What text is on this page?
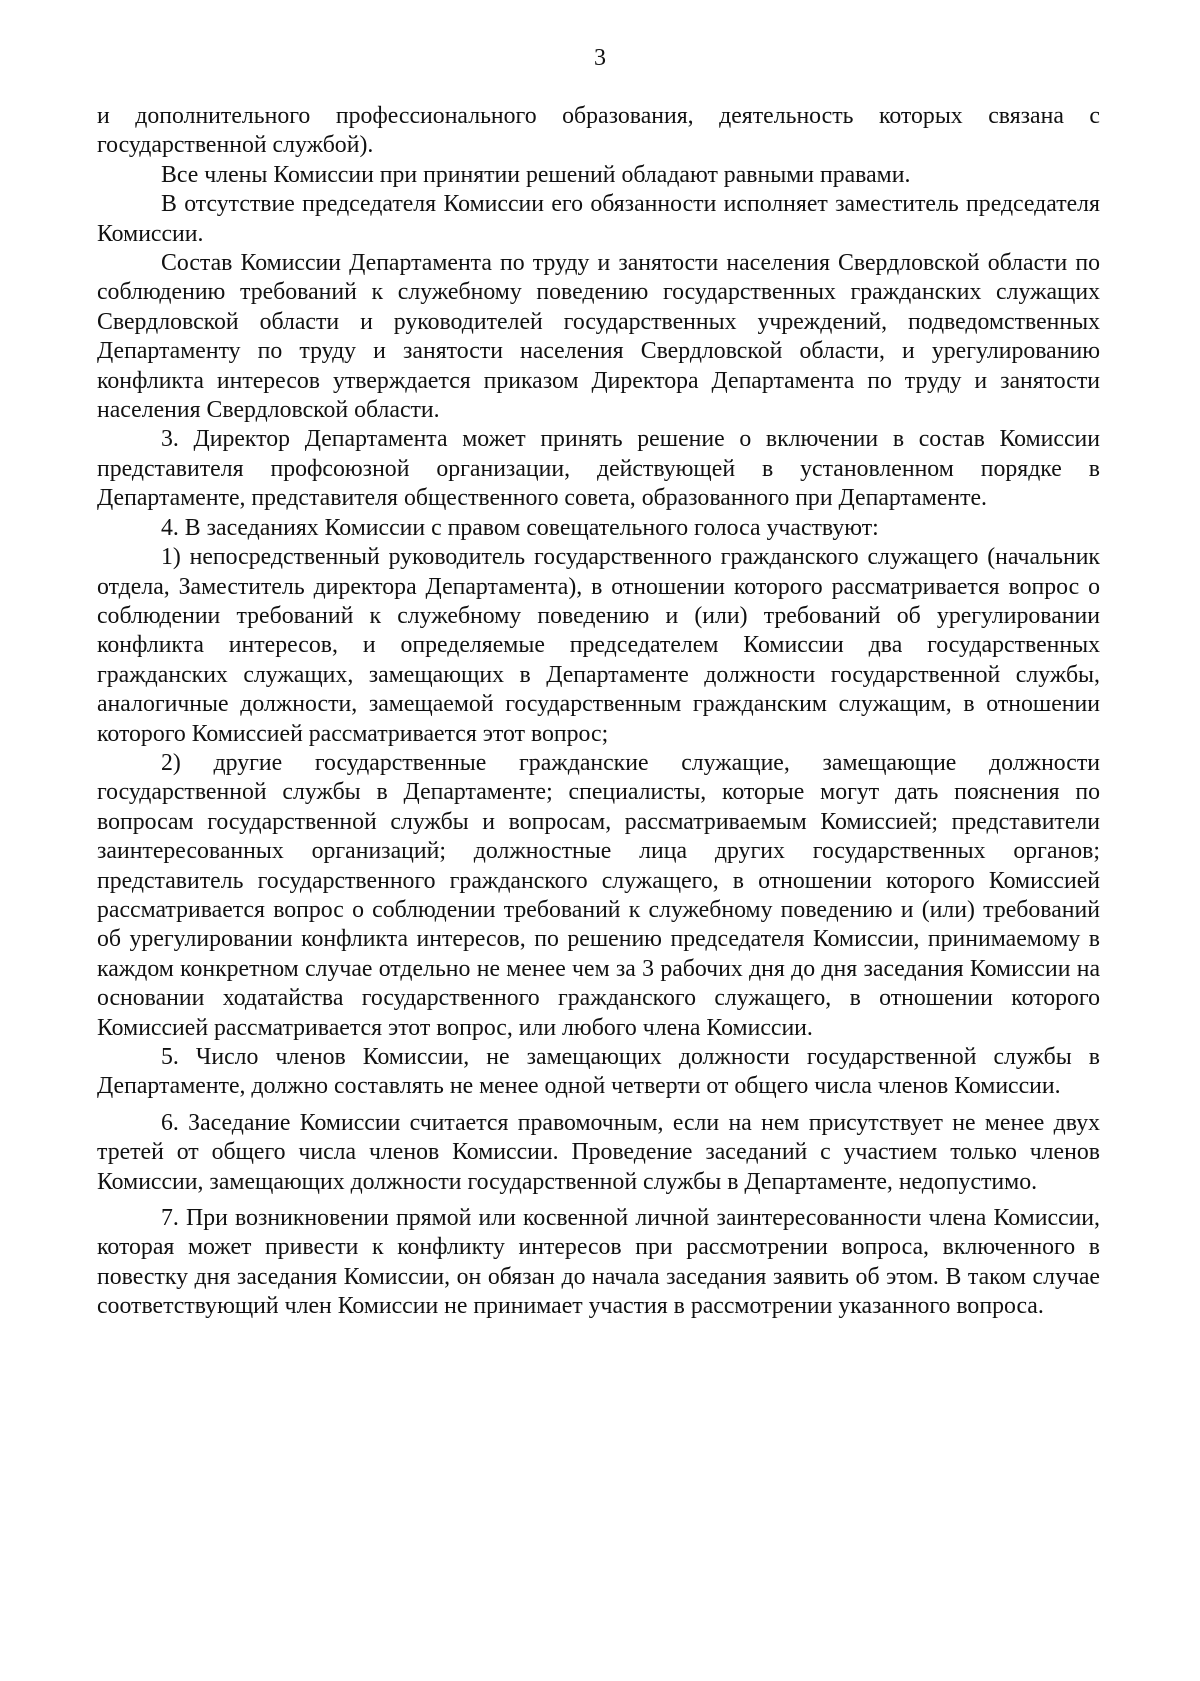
3

и дополнительного профессионального образования, деятельность которых связана с государственной службой).

Все члены Комиссии при принятии решений обладают равными правами.

В отсутствие председателя Комиссии его обязанности исполняет заместитель председателя Комиссии.

Состав Комиссии Департамента по труду и занятости населения Свердловской области по соблюдению требований к служебному поведению государственных гражданских служащих Свердловской области и руководителей государственных учреждений, подведомственных Департаменту по труду и занятости населения Свердловской области, и урегулированию конфликта интересов утверждается приказом Директора Департамента по труду и занятости населения Свердловской области.

3. Директор Департамента может принять решение о включении в состав Комиссии представителя профсоюзной организации, действующей в установленном порядке в Департаменте, представителя общественного совета, образованного при Департаменте.

4. В заседаниях Комиссии с правом совещательного голоса участвуют:

1) непосредственный руководитель государственного гражданского служащего (начальник отдела, Заместитель директора Департамента), в отношении которого рассматривается вопрос о соблюдении требований к служебному поведению и (или) требований об урегулировании конфликта интересов, и определяемые председателем Комиссии два государственных гражданских служащих, замещающих в Департаменте должности государственной службы, аналогичные должности, замещаемой государственным гражданским служащим, в отношении которого Комиссией рассматривается этот вопрос;

2) другие государственные гражданские служащие, замещающие должности государственной службы в Департаменте; специалисты, которые могут дать пояснения по вопросам государственной службы и вопросам, рассматриваемым Комиссией; представители заинтересованных организаций; должностные лица других государственных органов; представитель государственного гражданского служащего, в отношении которого Комиссией рассматривается вопрос о соблюдении требований к служебному поведению и (или) требований об урегулировании конфликта интересов, по решению председателя Комиссии, принимаемому в каждом конкретном случае отдельно не менее чем за 3 рабочих дня до дня заседания Комиссии на основании ходатайства государственного гражданского служащего, в отношении которого Комиссией рассматривается этот вопрос, или любого члена Комиссии.

5. Число членов Комиссии, не замещающих должности государственной службы в Департаменте, должно составлять не менее одной четверти от общего числа членов Комиссии.

6. Заседание Комиссии считается правомочным, если на нем присутствует не менее двух третей от общего числа членов Комиссии. Проведение заседаний с участием только членов Комиссии, замещающих должности государственной службы в Департаменте, недопустимо.

7. При возникновении прямой или косвенной личной заинтересованности члена Комиссии, которая может привести к конфликту интересов при рассмотрении вопроса, включенного в повестку дня заседания Комиссии, он обязан до начала заседания заявить об этом. В таком случае соответствующий член Комиссии не принимает участия в рассмотрении указанного вопроса.
